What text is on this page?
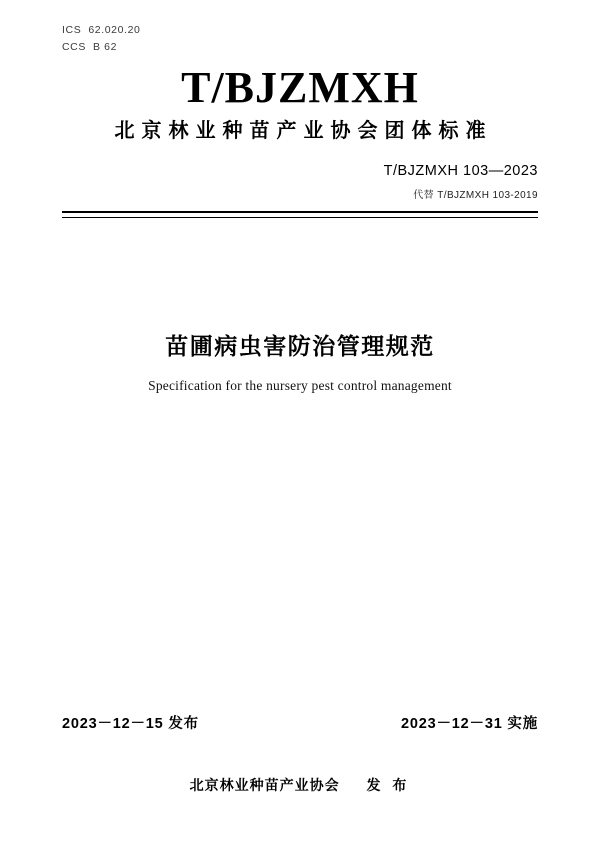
ICS  62.020.20
CCS  B 62
T/BJZMXH
北京林业种苗产业协会团体标准
T/BJZMXH 103—2023
代替 T/BJZMXH 103-2019
苗圃病虫害防治管理规范
Specification for the nursery pest control management
2023－12－15 发布	2023－12－31 实施
北京林业种苗产业协会 发 布
